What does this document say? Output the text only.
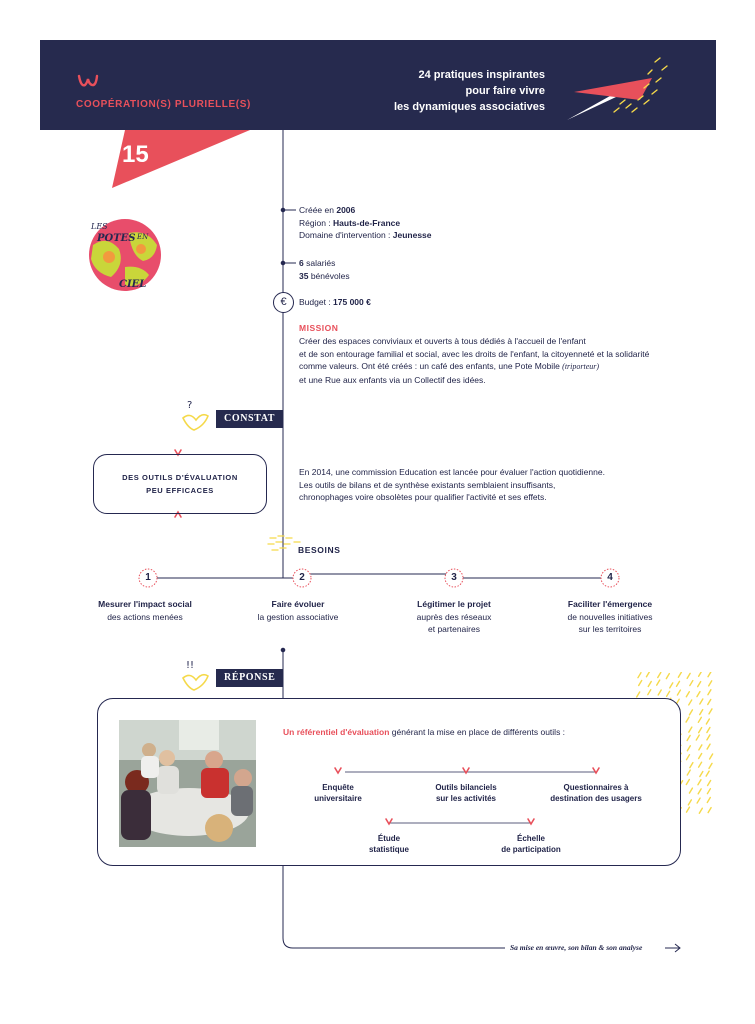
COOPÉRATION(S) PLURIELLE(S)
24 pratiques inspirantes
pour faire vivre
les dynamiques associatives
15
LES
POTES EN
CIEL
Créée en 2006
Région : Hauts-de-France
Domaine d'intervention : Jeunesse
6 salariés
35 bénévoles
€	Budget : 175 000 €
MISSION
Créer des espaces conviviaux et ouverts à tous dédiés à l'accueil de l'enfant
et de son entourage familial et social, avec les droits de l'enfant, la citoyenneté et la solidarité
comme valeurs. Ont été créés : un café des enfants, une Pote Mobile (triporteur)
et une Rue aux enfants via un Collectif des idées.
?
CONSTAT
DES OUTILS D'ÉVALUATION
PEU EFFICACES
En 2014, une commission Education est lancée pour évaluer l'action quotidienne.
Les outils de bilans et de synthèse existants semblaient insuffisants,
chronophages voire obsolètes pour qualifier l'activité et ses effets.
BESOINS
1	2	3	4
Mesurer l'impact social
des actions menées
Faire évoluer
la gestion associative
Légitimer le projet
auprès des réseaux
et partenaires
Faciliter l'émergence
de nouvelles initiatives
sur les territoires
!!
RÉPONSE
Un référentiel d'évaluation générant la mise en place de différents outils :
Enquête
universitaire
Outils bilanciels
sur les activités
Questionnaires à
destination des usagers
Étude
statistique
Échelle
de participation
Sa mise en œuvre, son bilan & son analyse
